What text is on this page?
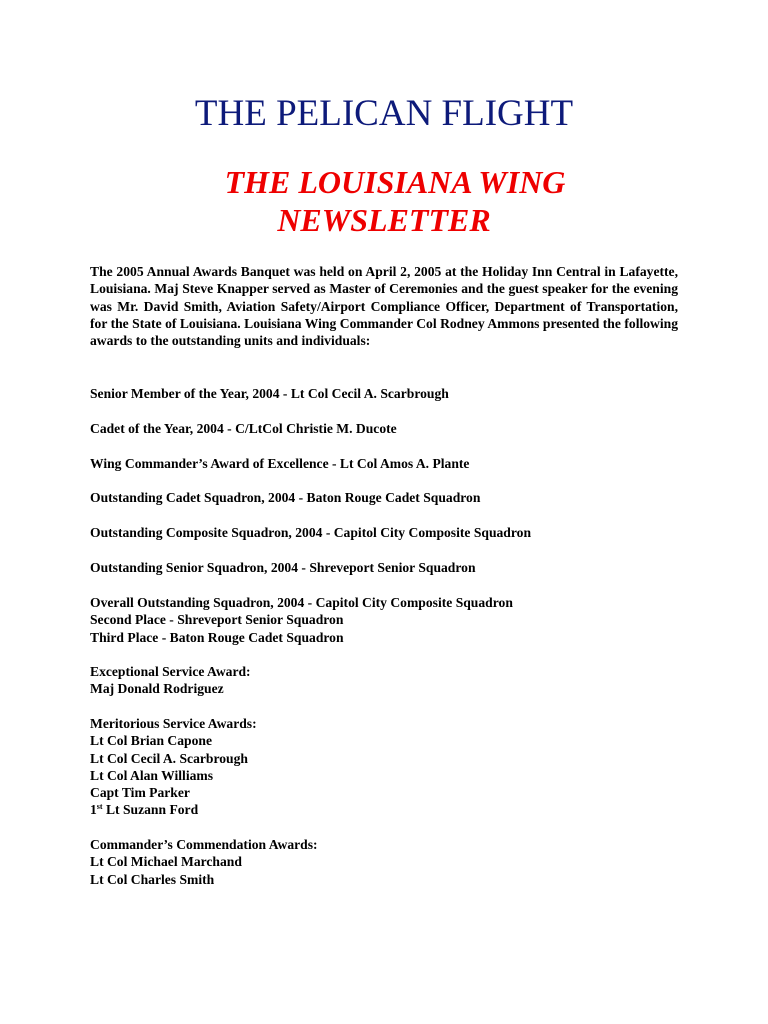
THE PELICAN FLIGHT
THE LOUISIANA WING
NEWSLETTER

The 2005 Annual Awards Banquet was held on April 2, 2005 at the Holiday Inn Central in Lafayette, Louisiana. Maj Steve Knapper served as Master of Ceremonies and the guest speaker for the evening was Mr. David Smith, Aviation Safety/Airport Compliance Officer, Department of Transportation, for the State of Louisiana. Louisiana Wing Commander Col Rodney Ammons presented the following awards to the outstanding units and individuals:

Senior Member of the Year, 2004 - Lt Col Cecil A. Scarbrough
Cadet of the Year, 2004 - C/LtCol Christie M. Ducote
Wing Commander’s Award of Excellence - Lt Col Amos A. Plante
Outstanding Cadet Squadron, 2004 - Baton Rouge Cadet Squadron
Outstanding Composite Squadron, 2004 - Capitol City Composite Squadron
Outstanding Senior Squadron, 2004 - Shreveport Senior Squadron
Overall Outstanding Squadron, 2004 - Capitol City Composite Squadron
Second Place - Shreveport Senior Squadron
Third Place - Baton Rouge Cadet Squadron
Exceptional Service Award:
Maj Donald Rodriguez
Meritorious Service Awards:
Lt Col Brian Capone
Lt Col Cecil A. Scarbrough
Lt Col Alan Williams
Capt Tim Parker
1st Lt Suzann Ford
Commander’s Commendation Awards:
Lt Col Michael Marchand
Lt Col Charles Smith
